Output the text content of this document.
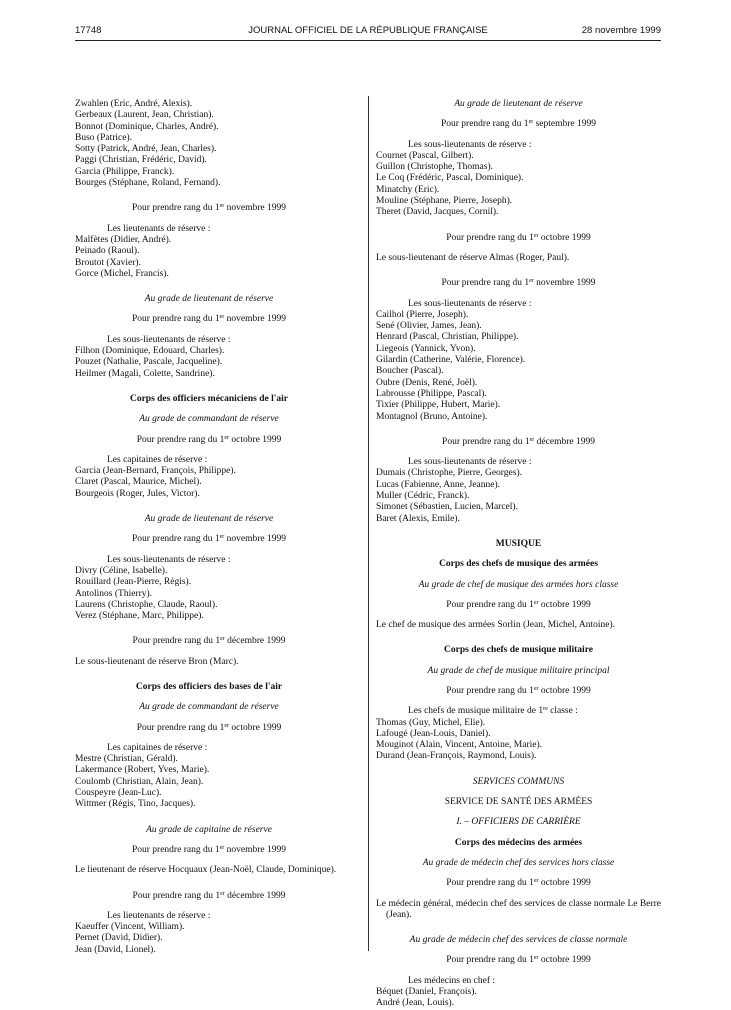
17748	JOURNAL OFFICIEL DE LA RÉPUBLIQUE FRANÇAISE	28 novembre 1999

Zwahlen (Eric, André, Alexis).

Gerbeaux (Laurent, Jean, Christian).

Bonnot (Dominique, Charles, André).

Buso (Patrice).

Sotty (Patrick, André, Jean, Charles).

Paggi (Christian, Frédéric, David).

Garcia (Philippe, Franck).

Bourges (Stéphane, Roland, Fernand).

Pour prendre rang du 1er novembre 1999

Les lieutenants de réserve :

Malfètes (Didier, André).

Peinado (Raoul).

Broutot (Xavier).

Gorce (Michel, Francis).

Au grade de lieutenant de réserve

Pour prendre rang du 1er novembre 1999

Les sous-lieutenants de réserve :

Filhon (Dominique, Edouard, Charles).

Pouzet (Nathalie, Pascale, Jacqueline).

Heilmer (Magali, Colette, Sandrine).

Corps des officiers mécaniciens de l'air

Au grade de commandant de réserve

Pour prendre rang du 1er octobre 1999

Les capitaines de réserve :

Garcia (Jean-Bernard, François, Philippe).

Claret (Pascal, Maurice, Michel).

Bourgeois (Roger, Jules, Victor).

Au grade de lieutenant de réserve

Pour prendre rang du 1er novembre 1999

Les sous-lieutenants de réserve :

Divry (Céline, Isabelle).

Rouillard (Jean-Pierre, Régis).

Antolinos (Thierry).

Laurens (Christophe, Claude, Raoul).

Verez (Stéphane, Marc, Philippe).

Pour prendre rang du 1er décembre 1999

Le sous-lieutenant de réserve Bron (Marc).

Corps des officiers des bases de l'air

Au grade de commandant de réserve

Pour prendre rang du 1er octobre 1999

Les capitaines de réserve :

Mestre (Christian, Gérald).

Lakermance (Robert, Yves, Marie).

Coulomb (Christian, Alain, Jean).

Couspeyre (Jean-Luc).

Wittmer (Régis, Tino, Jacques).

Au grade de capitaine de réserve

Pour prendre rang du 1er novembre 1999

Le lieutenant de réserve Hocquaux (Jean-Noël, Claude, Dominique).

Pour prendre rang du 1er décembre 1999

Les lieutenants de réserve :

Kaeuffer (Vincent, William).

Pernet (David, Didier).

Jean (David, Lionel).

Au grade de lieutenant de réserve

Pour prendre rang du 1er septembre 1999

Les sous-lieutenants de réserve :

Cournet (Pascal, Gilbert).

Guillon (Christophe, Thomas).

Le Coq (Frédéric, Pascal, Dominique).

Minatchy (Eric).

Mouline (Stéphane, Pierre, Joseph).

Theret (David, Jacques, Cornil).

Pour prendre rang du 1er octobre 1999

Le sous-lieutenant de réserve Almas (Roger, Paul).

Pour prendre rang du 1er novembre 1999

Les sous-lieutenants de réserve :

Cailhol (Pierre, Joseph).

Sené (Olivier, James, Jean).

Henrard (Pascal, Christian, Philippe).

Liegeois (Yannick, Yvon).

Gilardin (Catherine, Valérie, Florence).

Boucher (Pascal).

Oubre (Denis, René, Joël).

Labrousse (Philippe, Pascal).

Tixier (Philippe, Hubert, Marie).

Montagnol (Bruno, Antoine).

Pour prendre rang du 1er décembre 1999

Les sous-lieutenants de réserve :

Dumais (Christophe, Pierre, Georges).

Lucas (Fabienne, Anne, Jeanne).

Muller (Cédric, Franck).

Simonet (Sébastien, Lucien, Marcel).

Baret (Alexis, Emile).

MUSIQUE

Corps des chefs de musique des armées

Au grade de chef de musique des armées hors classe

Pour prendre rang du 1er octobre 1999

Le chef de musique des armées Sorlin (Jean, Michel, Antoine).

Corps des chefs de musique militaire

Au grade de chef de musique militaire principal

Pour prendre rang du 1er octobre 1999

Les chefs de musique militaire de 1re classe :

Thomas (Guy, Michel, Elie).

Lafougé (Jean-Louis, Daniel).

Mouginot (Alain, Vincent, Antoine, Marie).

Durand (Jean-François, Raymond, Louis).

SERVICES COMMUNS

SERVICE DE SANTÉ DES ARMÉES

I. – OFFICIERS DE CARRIÈRE

Corps des médecins des armées

Au grade de médecin chef des services hors classe

Pour prendre rang du 1er octobre 1999

Le médecin général, médecin chef des services de classe normale Le Berre (Jean).

Au grade de médecin chef des services de classe normale

Pour prendre rang du 1er octobre 1999

Les médecins en chef :

Béquet (Daniel, François).

André (Jean, Louis).
